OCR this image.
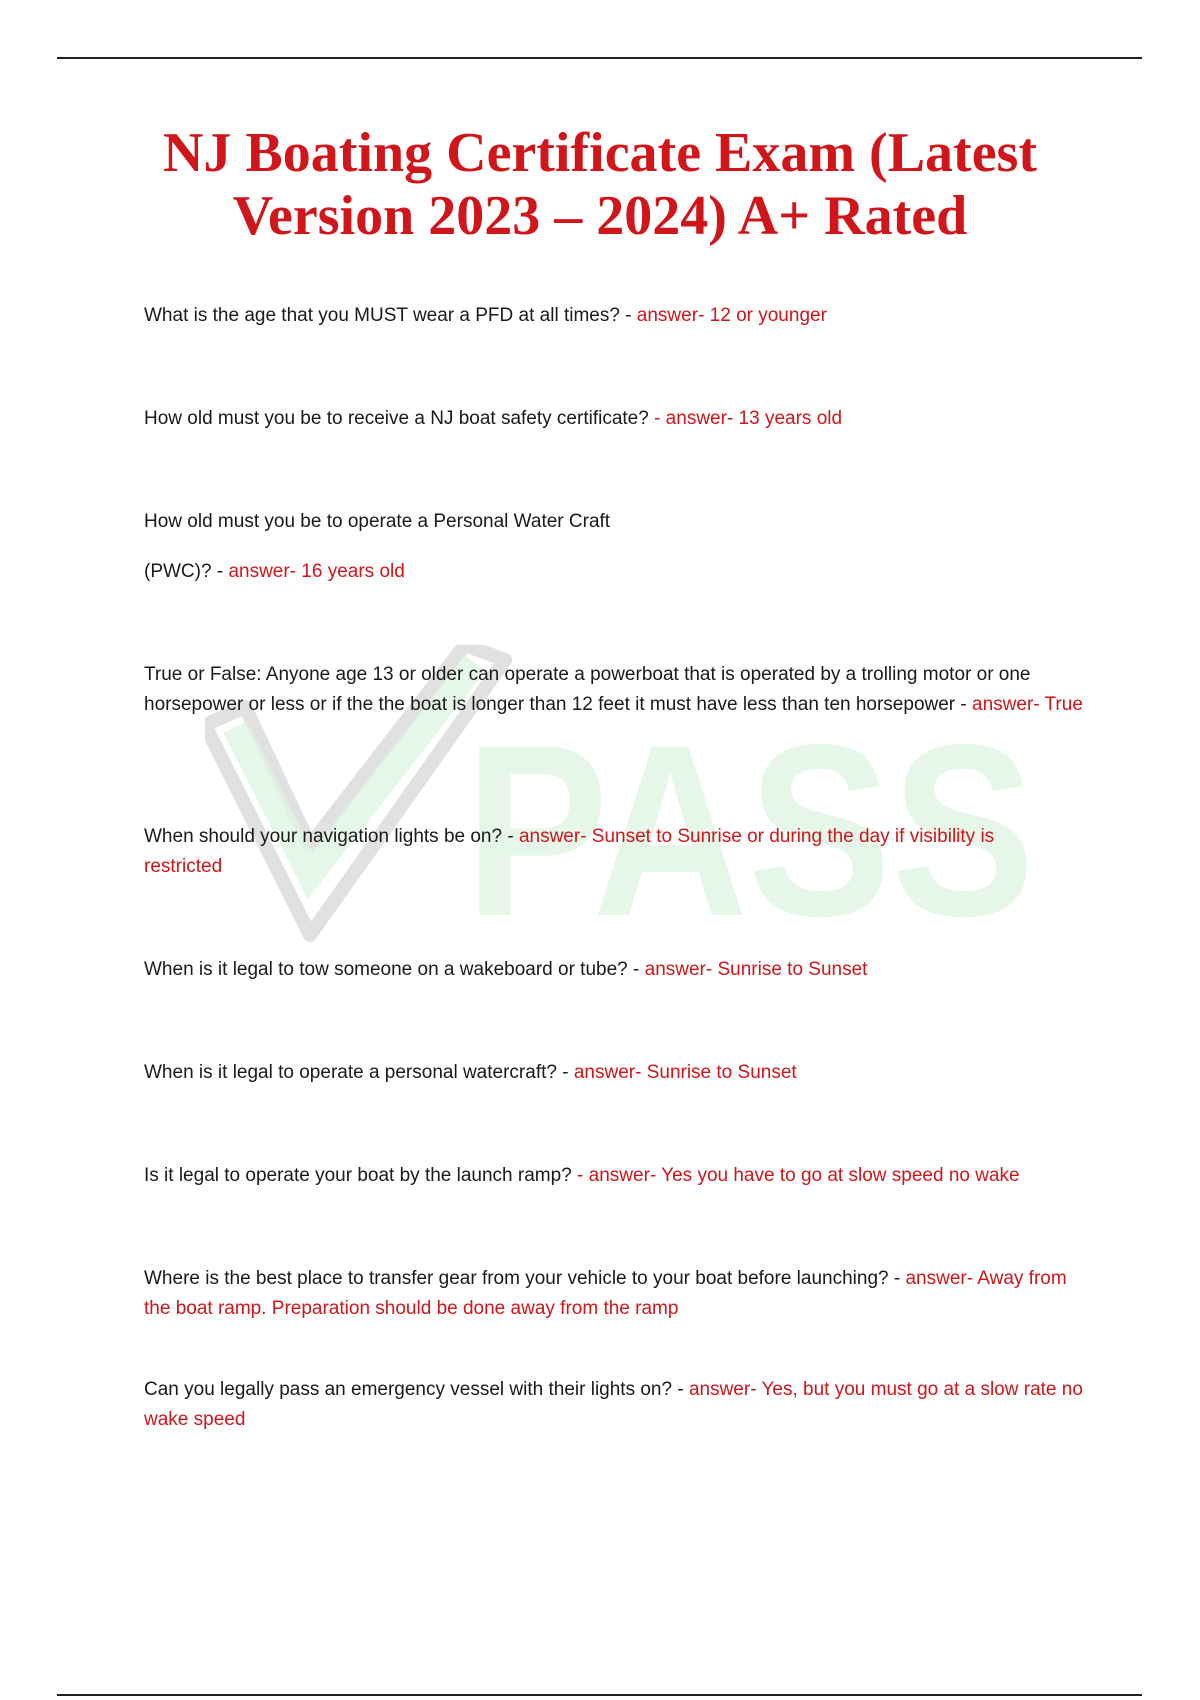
PASS
NJ Boating Certificate Exam (Latest Version 2023 – 2024) A+ Rated

What is the age that you MUST wear a PFD at all times? - answer- 12 or younger

How old must you be to receive a NJ boat safety certificate? - answer- 13 years old

How old must you be to operate a Personal Water Craft (PWC)? - answer- 16 years old

True or False: Anyone age 13 or older can operate a powerboat that is operated by a trolling motor or one horsepower or less or if the the boat is longer than 12 feet it must have less than ten horsepower - answer- True

When should your navigation lights be on? - answer- Sunset to Sunrise or during the day if visibility is restricted

When is it legal to tow someone on a wakeboard or tube? - answer- Sunrise to Sunset

When is it legal to operate a personal watercraft? - answer- Sunrise to Sunset

Is it legal to operate your boat by the launch ramp? - answer- Yes you have to go at slow speed no wake

Where is the best place to transfer gear from your vehicle to your boat before launching? - answer- Away from the boat ramp. Preparation should be done away from the ramp

Can you legally pass an emergency vessel with their lights on? - answer- Yes, but you must go at a slow rate no wake speed
